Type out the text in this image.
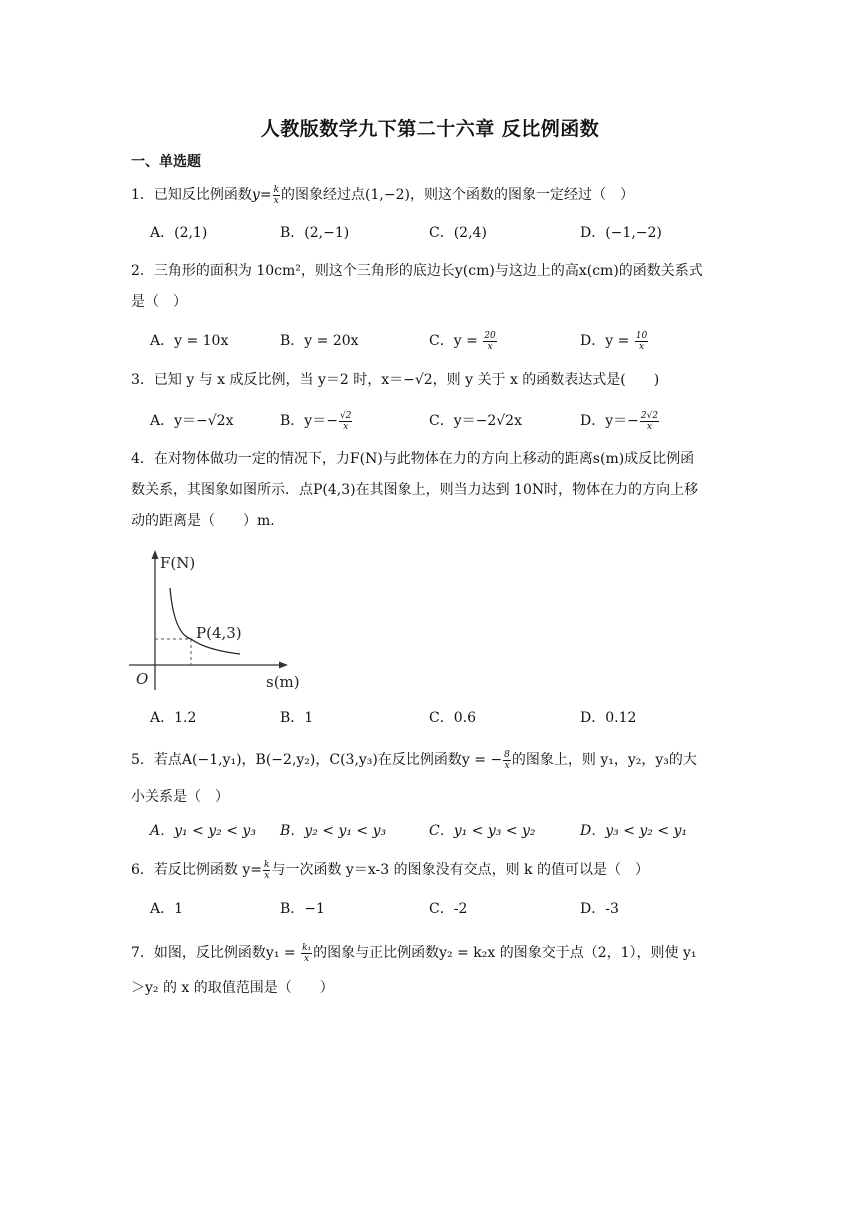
人教版数学九下第二十六章 反比例函数
一、单选题
1．已知反比例函数$y= \frac{k}{x}$ 的图象经过点(1,−2)，则这个函数的图象一定经过（　）
A．(2,1)	B．(2,−1)	C．(2,4)	D．(−1,−2)
2．三角形的面积为 10cm²，则这个三角形的底边长y(cm)与这边上的高x(cm)的函数关系式
是（　）
A．y = 10x	B．y = 20x	C．$y = \frac{20}{x}$	D．$y = \frac{10}{x}$
3．已知 y 与 x 成反比例，当 y＝2 时，x＝−√2，则 y 关于 x 的函数表达式是(　　)
A．y＝−√2x	B．$y=- \frac{√2}{x}$	C．y＝−2√2x	D．$y=- \frac{2√2}{x}$
4．在对物体做功一定的情况下，力F(N)与此物体在力的方向上移动的距离s(m)成反比例函
数关系，其图象如图所示．点P(4,3)在其图象上，则当力达到 10N时，物体在力的方向上移
动的距离是（　　）m．
F(N)
s(m)
O
P(4,3)
A．1.2	B．1	C．0.6	D．0.12
5．若点A(−1,y₁)，B(−2,y₂)，C(3,y₃)在反比例函数y = − $\frac{8}{x}$ 的图象上，则 y₁，y₂，y₃的大
小关系是（　）
A．y₁ < y₂ < y₃ B．y₂ < y₁ < y₃	C．y₁ < y₃ < y₂	D．y₃ < y₂ < y₁
6．若反比例函数 $y= \frac{k}{x}$ 与一次函数 y＝x-3 的图象没有交点，则 k 的值可以是（　）
A．1	B．−1	C．-2	D．-3
7．如图，反比例函数$y_1 = \frac{\text{k₁}}{x}$ 的图象与正比例函数y₂ = k₂x 的图象交于点（2，1），则使 y₁
＞y₂ 的 x 的取值范围是（　　）
